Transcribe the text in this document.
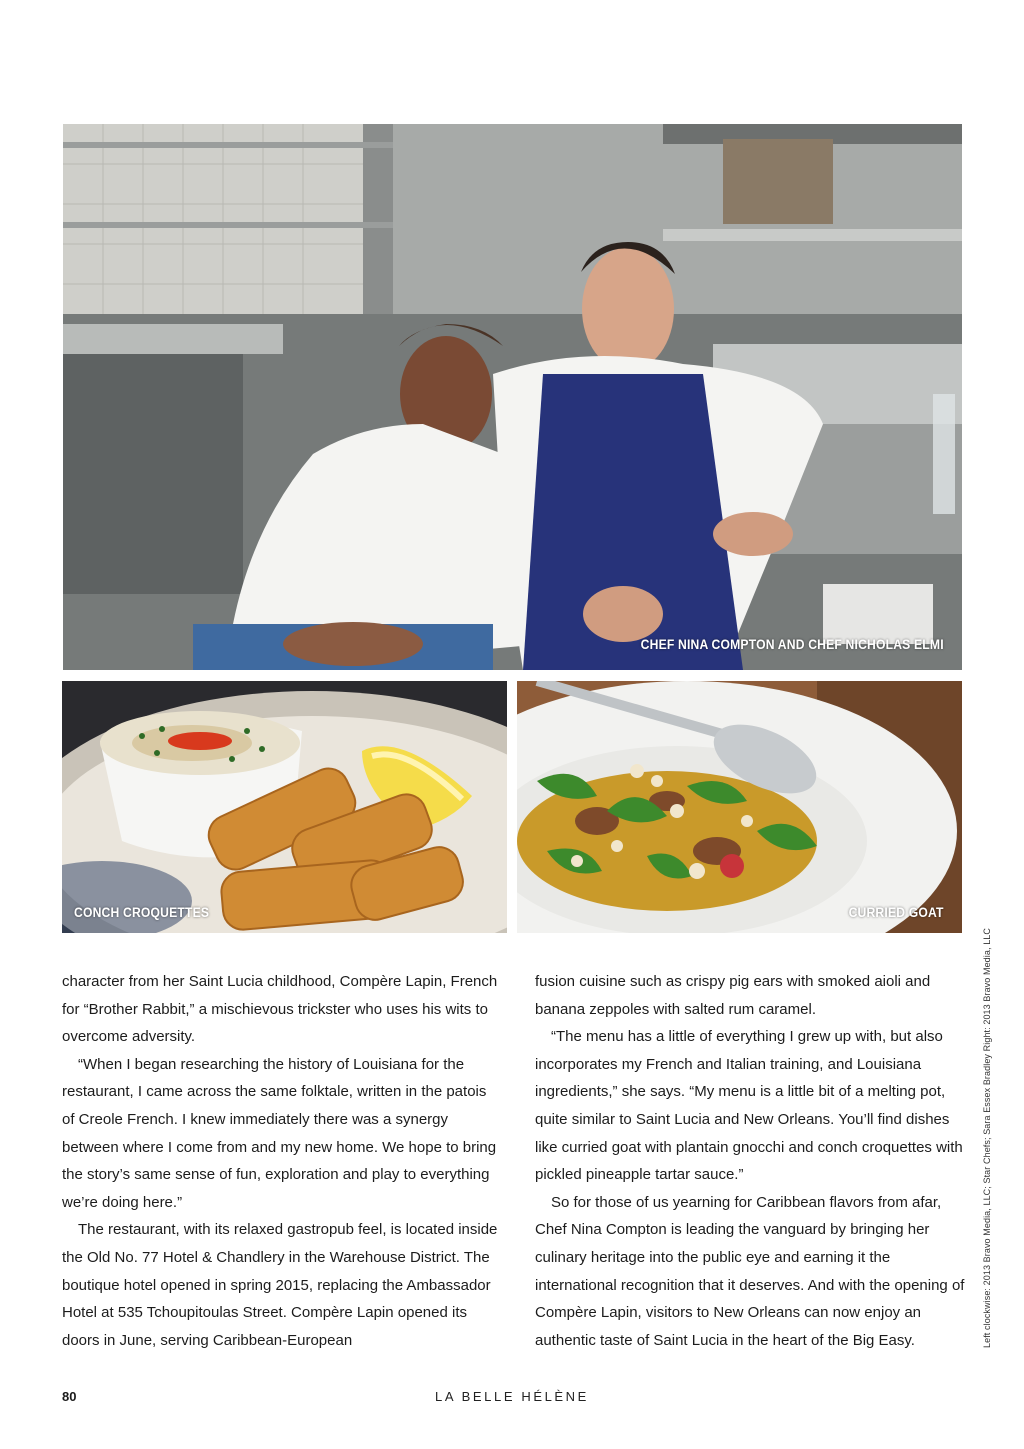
CHEF NINA COMPTON AND CHEF NICHOLAS ELMI
CONCH CROQUETTES	CURRIED GOAT

character from her Saint Lucia childhood, Compère Lapin, French for “Brother Rabbit,” a mischievous trickster who uses his wits to overcome adversity.

“When I began researching the history of Louisiana for the restaurant, I came across the same folktale, written in the patois of Creole French. I knew immediately there was a synergy between where I come from and my new home. We hope to bring the story’s same sense of fun, exploration and play to everything we’re doing here.”

The restaurant, with its relaxed gastropub feel, is located inside the Old No. 77 Hotel & Chandlery in the Warehouse District. The boutique hotel opened in spring 2015, replacing the Ambassador Hotel at 535 Tchoupitoulas Street. Compère Lapin opened its doors in June, serving Caribbean-European

fusion cuisine such as crispy pig ears with smoked aioli and banana zeppoles with salted rum caramel.

“The menu has a little of everything I grew up with, but also incorporates my French and Italian training, and Louisiana ingredients,” she says. “My menu is a little bit of a melting pot, quite similar to Saint Lucia and New Orleans. You’ll find dishes like curried goat with plantain gnocchi and conch croquettes with pickled pineapple tartar sauce.”

So for those of us yearning for Caribbean flavors from afar, Chef Nina Compton is leading the vanguard by bringing her culinary heritage into the public eye and earning it the international recognition that it deserves. And with the opening of Compère Lapin, visitors to New Orleans can now enjoy an authentic taste of Saint Lucia in the heart of the Big Easy.	Left clockwise: 2013 Bravo Media, LLC; Star Chefs; Sara Essex Bradley Right: 2013 Bravo Media, LLC
80	LA BELLE HÉLÈNE
